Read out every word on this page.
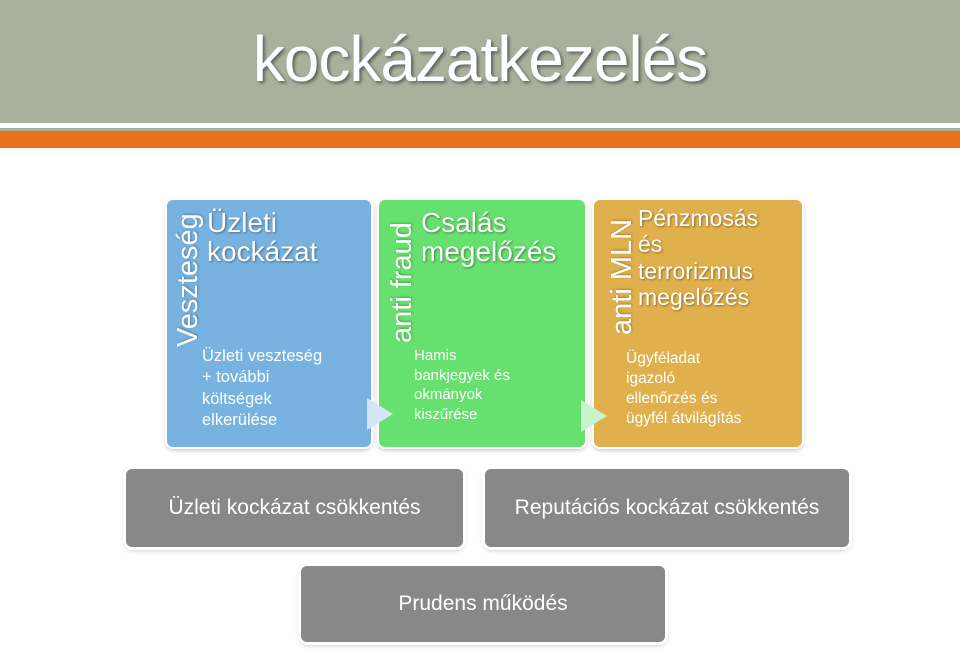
kockázatkezelés
Veszteség Üzleti
kockázat
Üzleti veszteség
+ további
költségek
elkerülése
anti fraud Csalás
megelőzés
Hamis
bankjegyek és
okmányok
kiszűrése
anti MLN
Pénzmosás
és
terrorizmus
megelőzés
Ügyféladat
igazoló
ellenőrzés és
ügyfél átvilágítás
Üzleti kockázat csökkentés	Reputációs kockázat csökkentés
Prudens működés
